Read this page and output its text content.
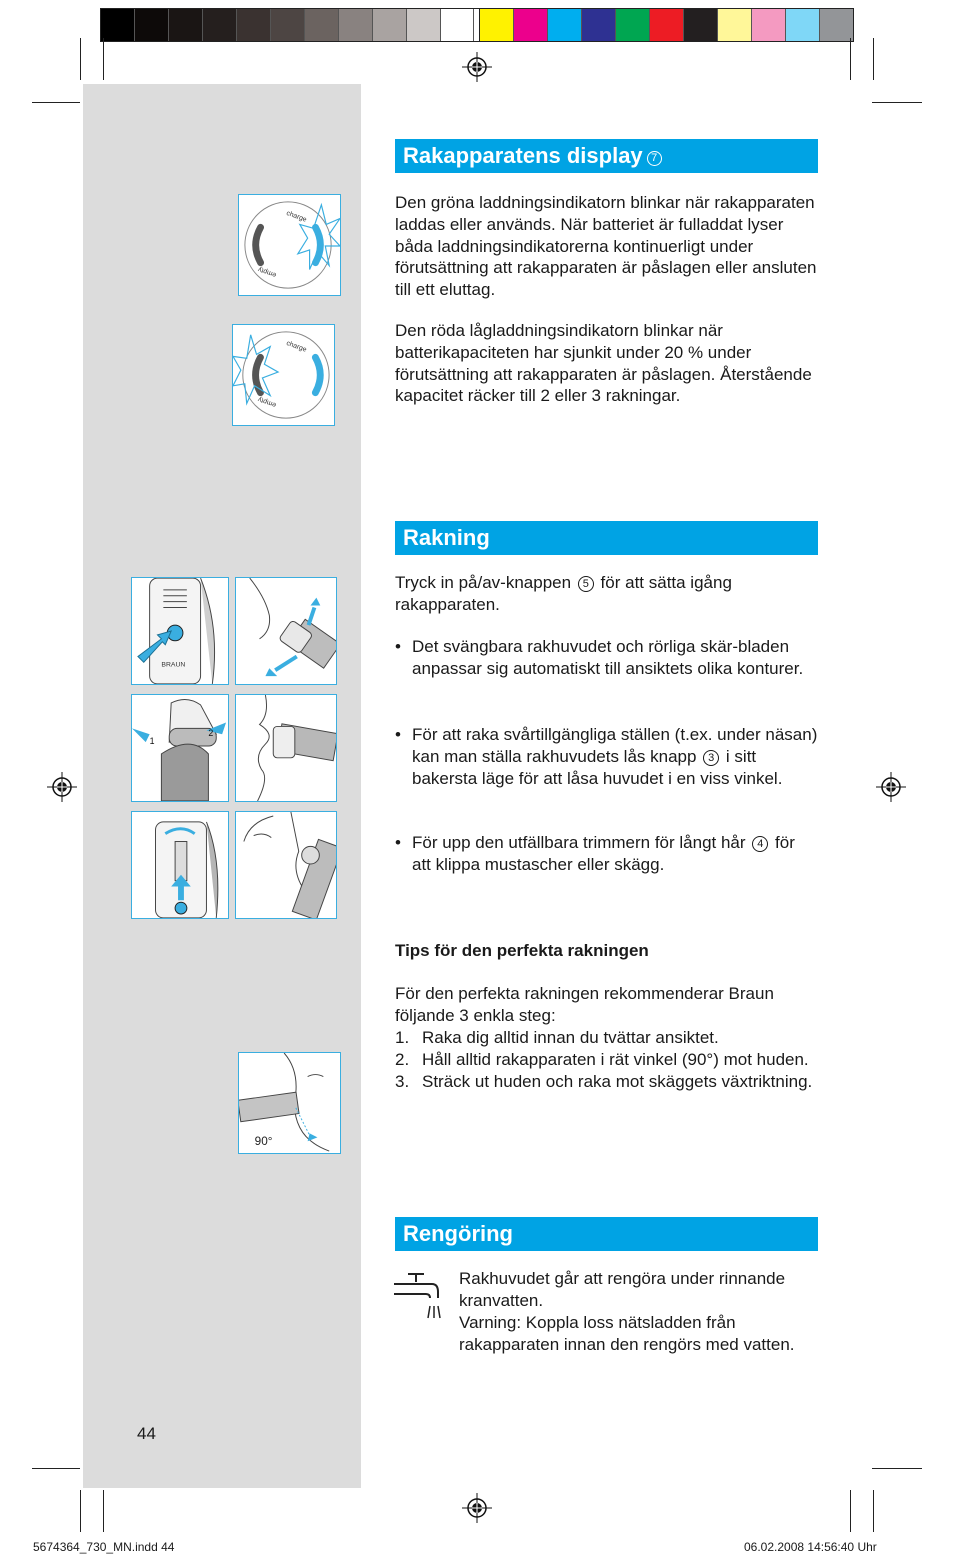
charge
empty
charge
empty
BRAUN
1
2
90°
Rakapparatens display 7
Den gröna laddningsindikatorn blinkar när rakapparaten laddas eller används. När batteriet är fulladdat lyser båda laddningsindikatorerna kontinuerligt under förutsättning att rakapparaten är påslagen eller ansluten till ett eluttag.
Den röda lågladdningsindikatorn blinkar när batterikapaciteten har sjunkit under 20 % under förutsättning att rakapparaten är påslagen. Återstående kapacitet räcker till 2 eller 3 rakningar.
Rakning
Tryck in på/av-knappen 5 för att sätta igång rakapparaten.
• Det svängbara rakhuvudet och rörliga skär-bladen anpassar sig automatiskt till ansiktets olika konturer.
• För att raka svårtillgängliga ställen (t.ex. under näsan) kan man ställa rakhuvudets lås knapp 3 i sitt bakersta läge för att låsa huvudet i en viss vinkel.
• För upp den utfällbara trimmern för långt hår 4 för att klippa mustascher eller skägg.
Tips för den perfekta rakningen
För den perfekta rakningen rekommenderar Braun följande 3 enkla steg:
1. Raka dig alltid innan du tvättar ansiktet.
2. Håll alltid rakapparaten i rät vinkel (90°) mot huden.
3. Sträck ut huden och raka mot skäggets växtriktning.
Rengöring
Rakhuvudet går att rengöra under rinnande kranvatten.
Varning: Koppla loss nätsladden från rakapparaten innan den rengörs med vatten.
44
5674364_730_MN.indd 44	06.02.2008 14:56:40 Uhr
